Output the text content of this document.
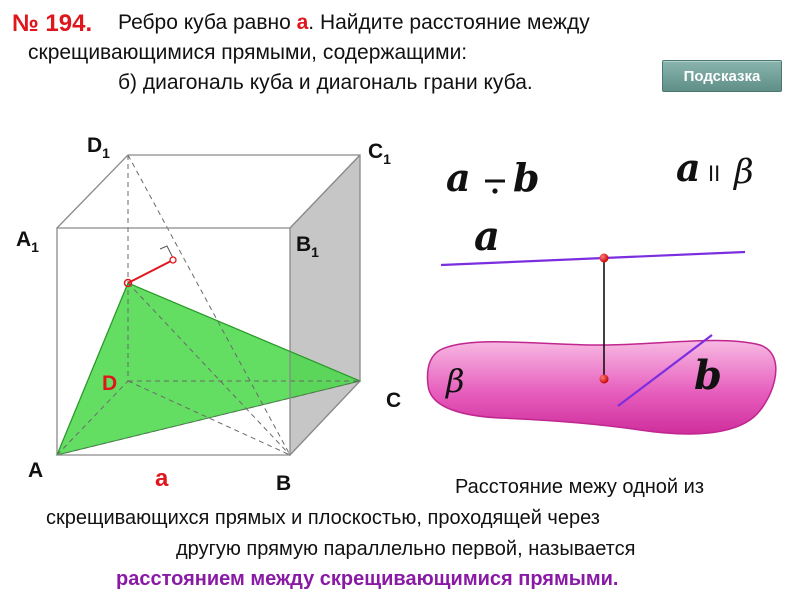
№ 194. Ребро куба равно а. Найдите расстояние между
скрещивающимися прямыми, содержащими:
б) диагональ куба и диагональ грани куба.	Подсказка
$D_1$	$C_1$
$A_1$	$B_1$
D
C
A
B
а
a b	a II β
a
β	b
Расстояние межу одной из
скрещивающихся прямых и плоскостью, проходящей через
другую прямую параллельно первой, называется
расстоянием между скрещивающимися прямыми.
